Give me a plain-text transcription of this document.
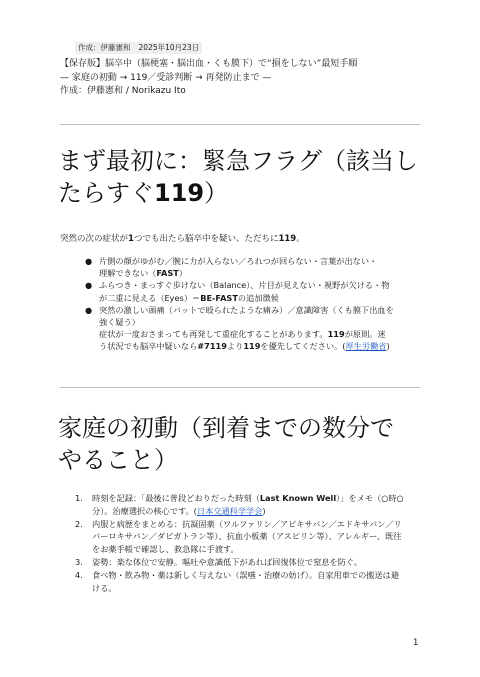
作成：伊藤憲和 2025年10月23日
【保存版】脳卒中（脳梗塞・脳出血・くも膜下）で“損をしない”最短手順
— 家庭の初動 → 119／受診判断 → 再発防止まで —
作成：伊藤憲和 / Norikazu Ito
まず最初に：緊急フラグ（該当し
たらすぐ119）
突然の次の症状が1つでも出たら脳卒中を疑い、ただちに119。
● 片側の顔がゆがむ／腕に力が入らない／ろれつが回らない・言葉が出ない・
理解できない（FAST）
● ふらつき・まっすぐ歩けない（Balance）、片目が見えない・視野が欠ける・物
が二重に見える（Eyes）＝BE-FASTの追加徴候
● 突然の激しい頭痛（バットで殴られたような痛み）／意識障害（くも膜下出血を
強く疑う）
症状が一度おさまっても再発して重症化することがあります。119が原則。迷
う状況でも脳卒中疑いなら#7119より119を優先してください。(厚生労働省)
家庭の初動（到着までの数分で
やること）
1. 時刻を記録：「最後に普段どおりだった時刻（Last Known Well）」をメモ（○時○
分）。治療選択の核心です。(日本交通科学学会)
2. 内服と病歴をまとめる：抗凝固薬（ワルファリン／アピキサバン／エドキサバン／リ
バーロキサバン／ダビガトラン等）、抗血小板薬（アスピリン等）、アレルギー、既往
をお薬手帳で確認し、救急隊に手渡す。
3. 姿勢：楽な体位で安静。嘔吐や意識低下があれば回復体位で窒息を防ぐ。
4. 食べ物・飲み物・薬は新しく与えない（誤嚥・治療の妨げ）。自家用車での搬送は避
ける。
1
